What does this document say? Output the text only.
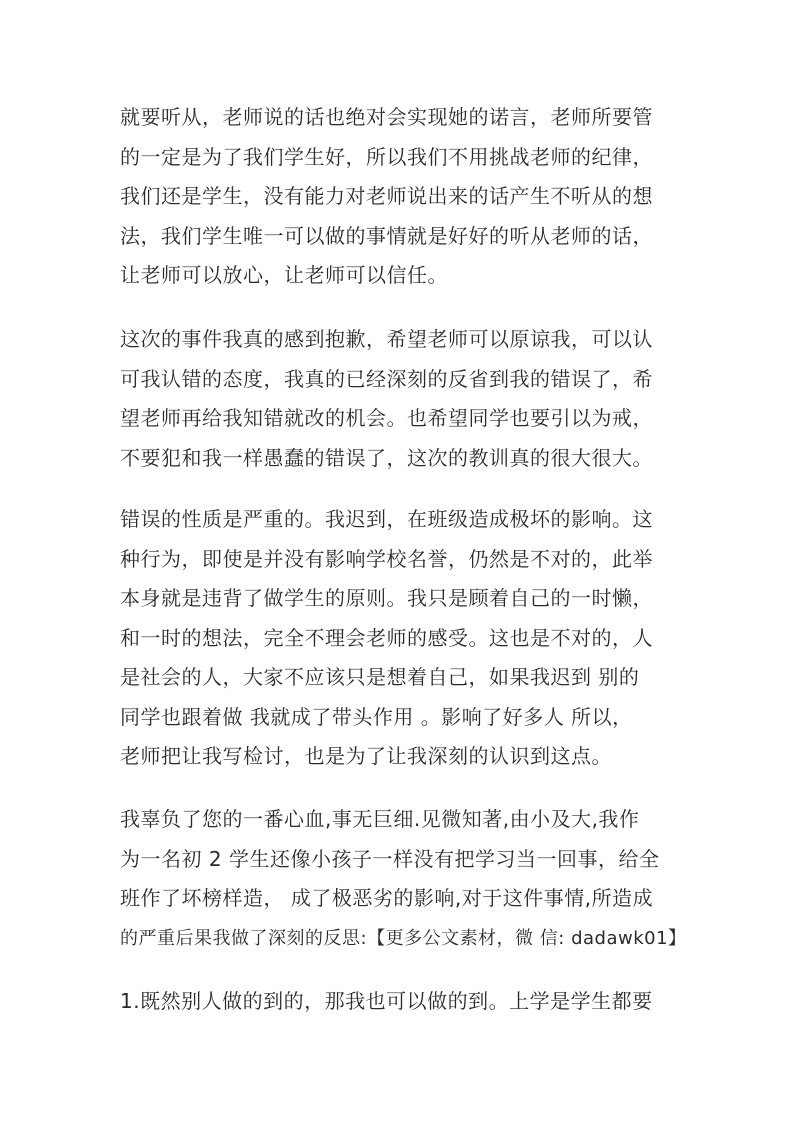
就要听从，老师说的话也绝对会实现她的诺言，老师所要管
的一定是为了我们学生好，所以我们不用挑战老师的纪律，
我们还是学生，没有能力对老师说出来的话产生不听从的想
法，我们学生唯一可以做的事情就是好好的听从老师的话，
让老师可以放心，让老师可以信任。
这次的事件我真的感到抱歉，希望老师可以原谅我，可以认
可我认错的态度，我真的已经深刻的反省到我的错误了，希
望老师再给我知错就改的机会。也希望同学也要引以为戒，
不要犯和我一样愚蠢的错误了，这次的教训真的很大很大。
错误的性质是严重的。我迟到，在班级造成极坏的影响。这
种行为，即使是并没有影响学校名誉，仍然是不对的，此举
本身就是违背了做学生的原则。我只是顾着自己的一时懒，
和一时的想法，完全不理会老师的感受。这也是不对的，人
是社会的人，大家不应该只是想着自己，如果我迟到 别的
同学也跟着做 我就成了带头作用 。影响了好多人 所以，
老师把让我写检讨，也是为了让我深刻的认识到这点。
我辜负了您的一番心血,事无巨细.见微知著,由小及大,我作
为一名初 2 学生还像小孩子一样没有把学习当一回事，给全
班作了坏榜样造， 成了极恶劣的影响,对于这件事情,所造成
的严重后果我做了深刻的反思:【更多公文素材，微 信: dadawk01】
1.既然别人做的到的，那我也可以做的到。上学是学生都要
